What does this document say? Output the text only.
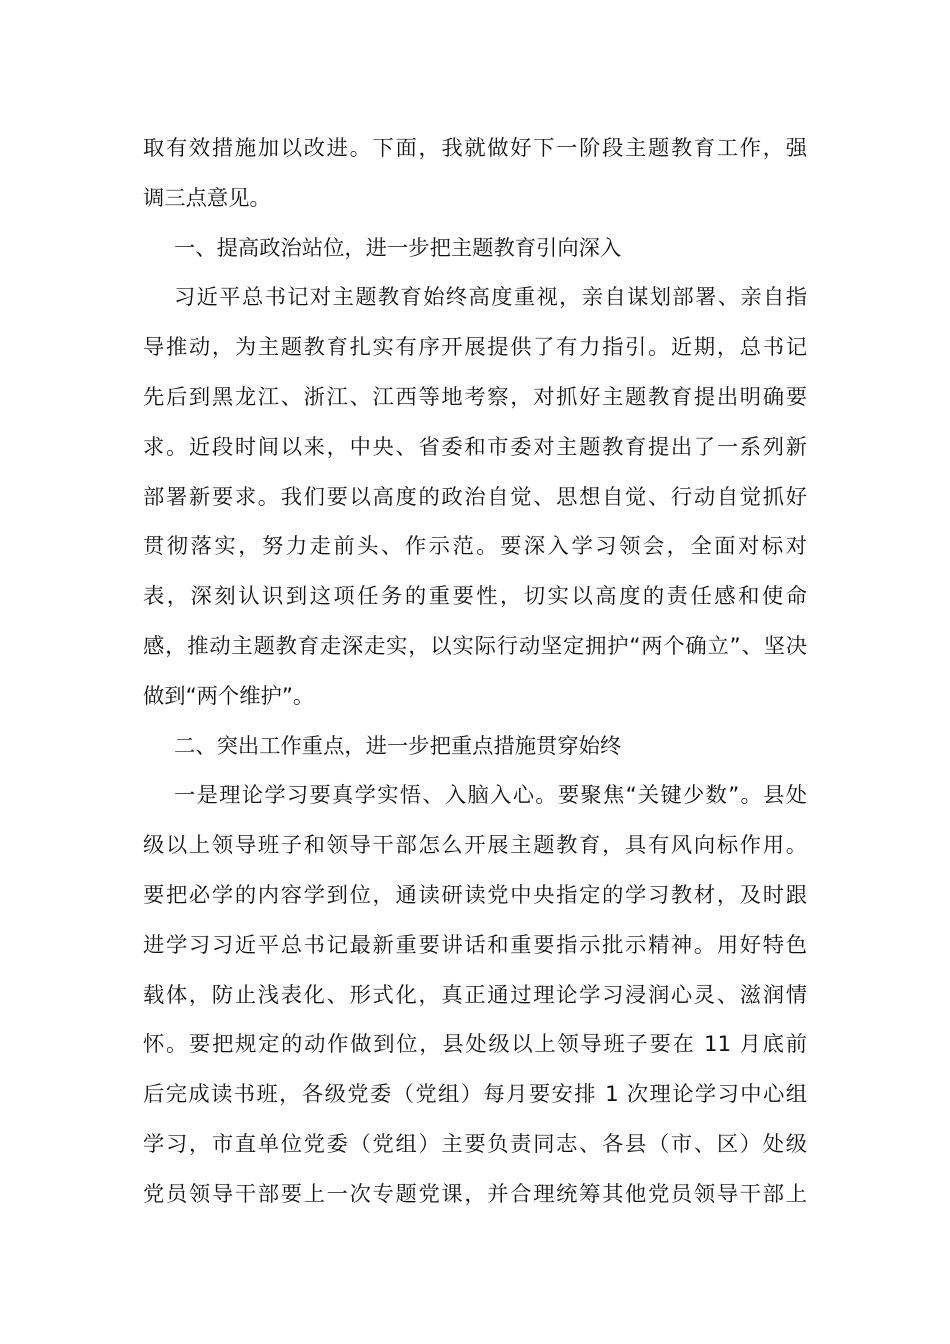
取有效措施加以改进。下面，我就做好下一阶段主题教育工作，强
调三点意见。
一、提高政治站位，进一步把主题教育引向深入
习近平总书记对主题教育始终高度重视，亲自谋划部署、亲自指
导推动，为主题教育扎实有序开展提供了有力指引。近期，总书记
先后到黑龙江、浙江、江西等地考察，对抓好主题教育提出明确要
求。近段时间以来，中央、省委和市委对主题教育提出了一系列新
部署新要求。我们要以高度的政治自觉、思想自觉、行动自觉抓好
贯彻落实，努力走前头、作示范。要深入学习领会，全面对标对
表，深刻认识到这项任务的重要性，切实以高度的责任感和使命
感，推动主题教育走深走实，以实际行动坚定拥护“两个确立”、坚决
做到“两个维护”。
二、突出工作重点，进一步把重点措施贯穿始终
一是理论学习要真学实悟、入脑入心。要聚焦“关键少数”。县处
级以上领导班子和领导干部怎么开展主题教育，具有风向标作用。
要把必学的内容学到位，通读研读党中央指定的学习教材，及时跟
进学习习近平总书记最新重要讲话和重要指示批示精神。用好特色
载体，防止浅表化、形式化，真正通过理论学习浸润心灵、滋润情
怀。要把规定的动作做到位，县处级以上领导班子要在 11 月底前
后完成读书班，各级党委（党组）每月要安排 1 次理论学习中心组
学习，市直单位党委（党组）主要负责同志、各县（市、区）处级
党员领导干部要上一次专题党课，并合理统筹其他党员领导干部上
